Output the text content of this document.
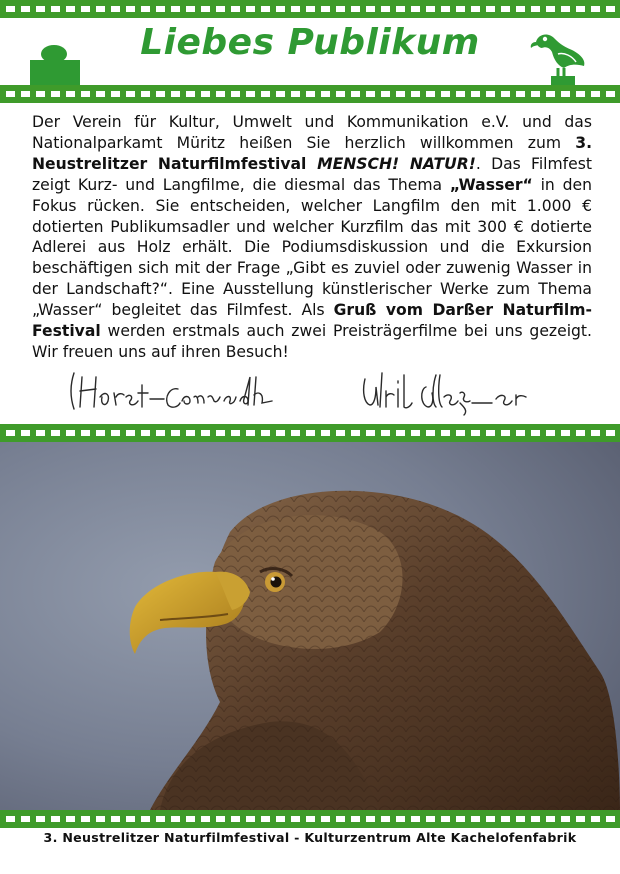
Liebes Publikum
Der Verein für Kultur, Umwelt und Kommunikation e.V. und das Nationalparkamt Müritz heißen Sie herzlich willkommen zum 3. Neustrelitzer Naturfilmfestival MENSCH! NATUR!. Das Filmfest zeigt Kurz- und Langfilme, die diesmal das Thema „Wasser“ in den Fokus rücken. Sie entscheiden, welcher Langfilm den mit 1.000 € dotierten Publikumsadler und welcher Kurzfilm das mit 300 € dotierte Adlerei aus Holz erhält. Die Podiumsdiskussion und die Exkursion beschäftigen sich mit der Frage „Gibt es zuviel oder zuwenig Wasser in der Landschaft?“. Eine Ausstellung künstlerischer Werke zum Thema „Wasser“ begleitet das Filmfest. Als Gruß vom Darßer Naturfilm-Festival werden erstmals auch zwei Preisträgerfilme bei uns gezeigt. Wir freuen uns auf ihren Besuch!
3. Neustrelitzer Naturfilmfestival - Kulturzentrum Alte Kachelofenfabrik
